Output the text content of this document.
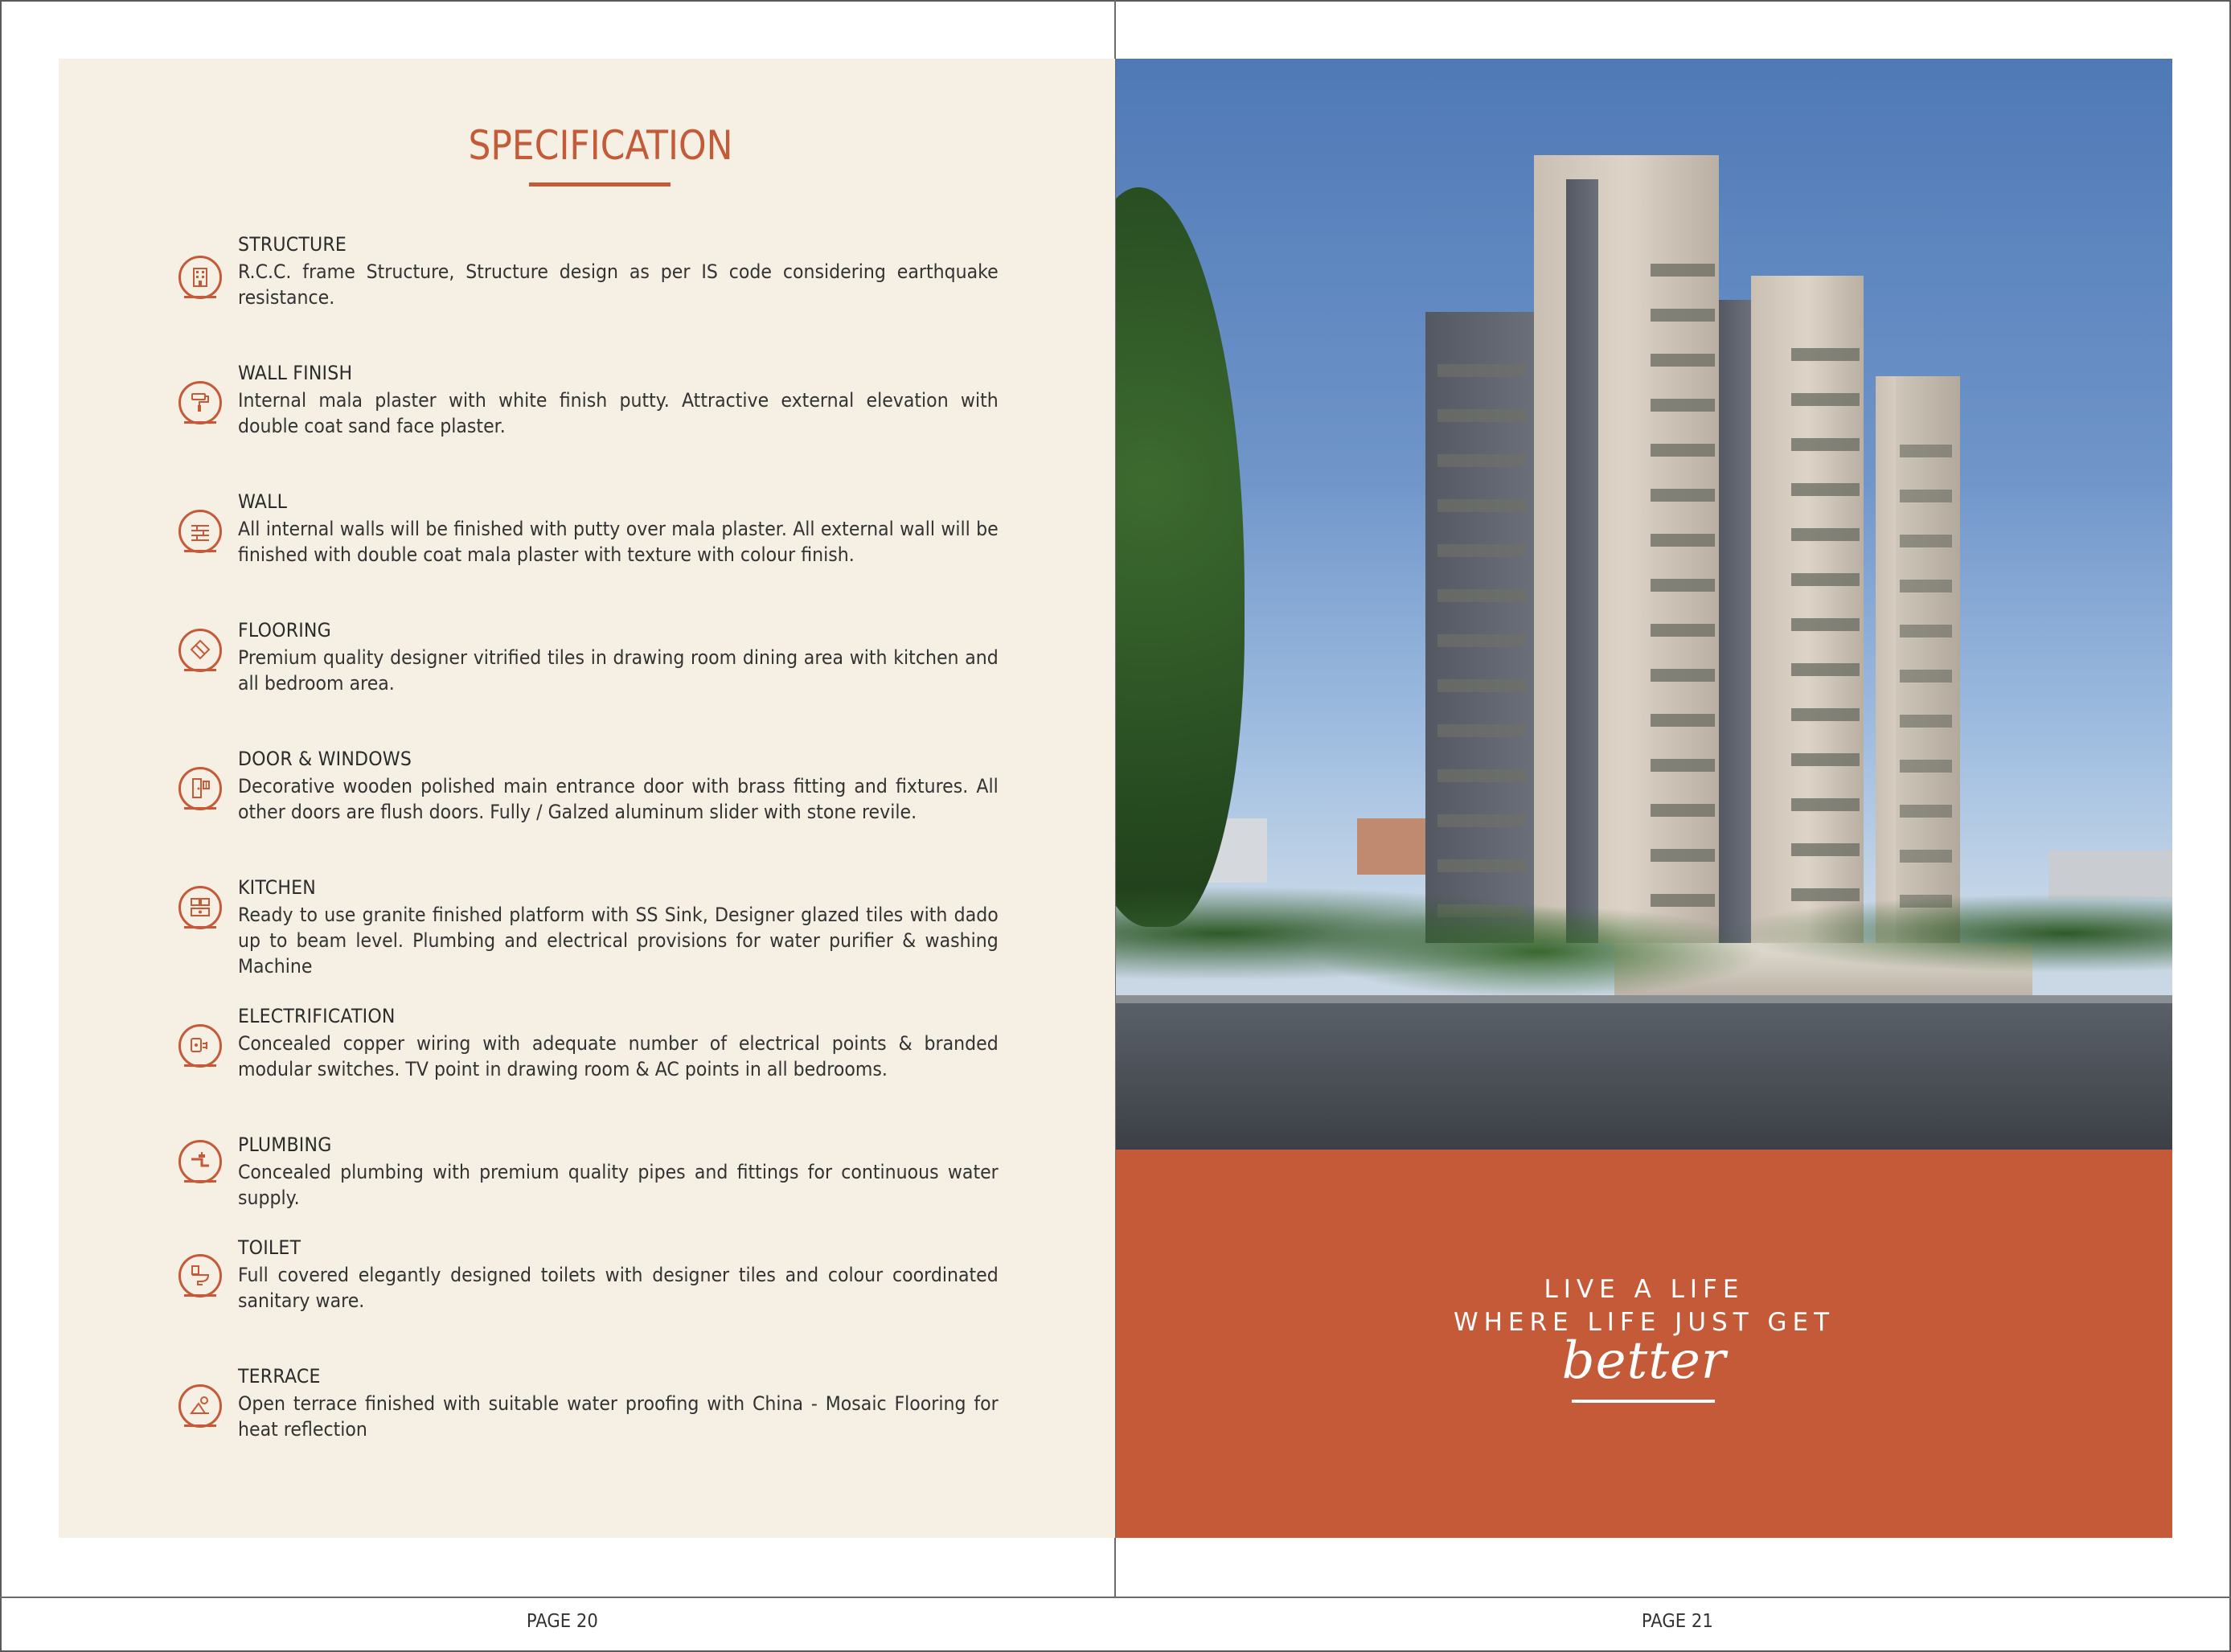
SPECIFICATION
STRUCTURE
R.C.C. frame Structure, Structure design as per IS code considering earthquake resistance.
WALL FINISH
Internal mala plaster with white finish putty. Attractive external elevation with double coat sand face plaster.
WALL
All internal walls will be finished with putty over mala plaster. All external wall will be finished with double coat mala plaster with texture with colour finish.
FLOORING
Premium quality designer vitrified tiles in drawing room dining area with kitchen and all bedroom area.
DOOR & WINDOWS
Decorative wooden polished main entrance door with brass fitting and fixtures. All other doors are flush doors. Fully / Galzed aluminum slider with stone revile.
KITCHEN
Ready to use granite finished platform with SS Sink, Designer glazed tiles with dado up to beam level. Plumbing and electrical provisions for water purifier & washing Machine
ELECTRIFICATION
Concealed copper wiring with adequate number of electrical points & branded modular switches. TV point in drawing room & AC points in all bedrooms.
PLUMBING
Concealed plumbing with premium quality pipes and fittings for continuous water supply.
TOILET
Full covered elegantly designed toilets with designer tiles and colour coordinated sanitary ware.
TERRACE
Open terrace finished with suitable water proofing with China - Mosaic Flooring for heat reflection
PAGE 20
LIVE A LIFE
WHERE LIFE JUST GET
better
PAGE 21
